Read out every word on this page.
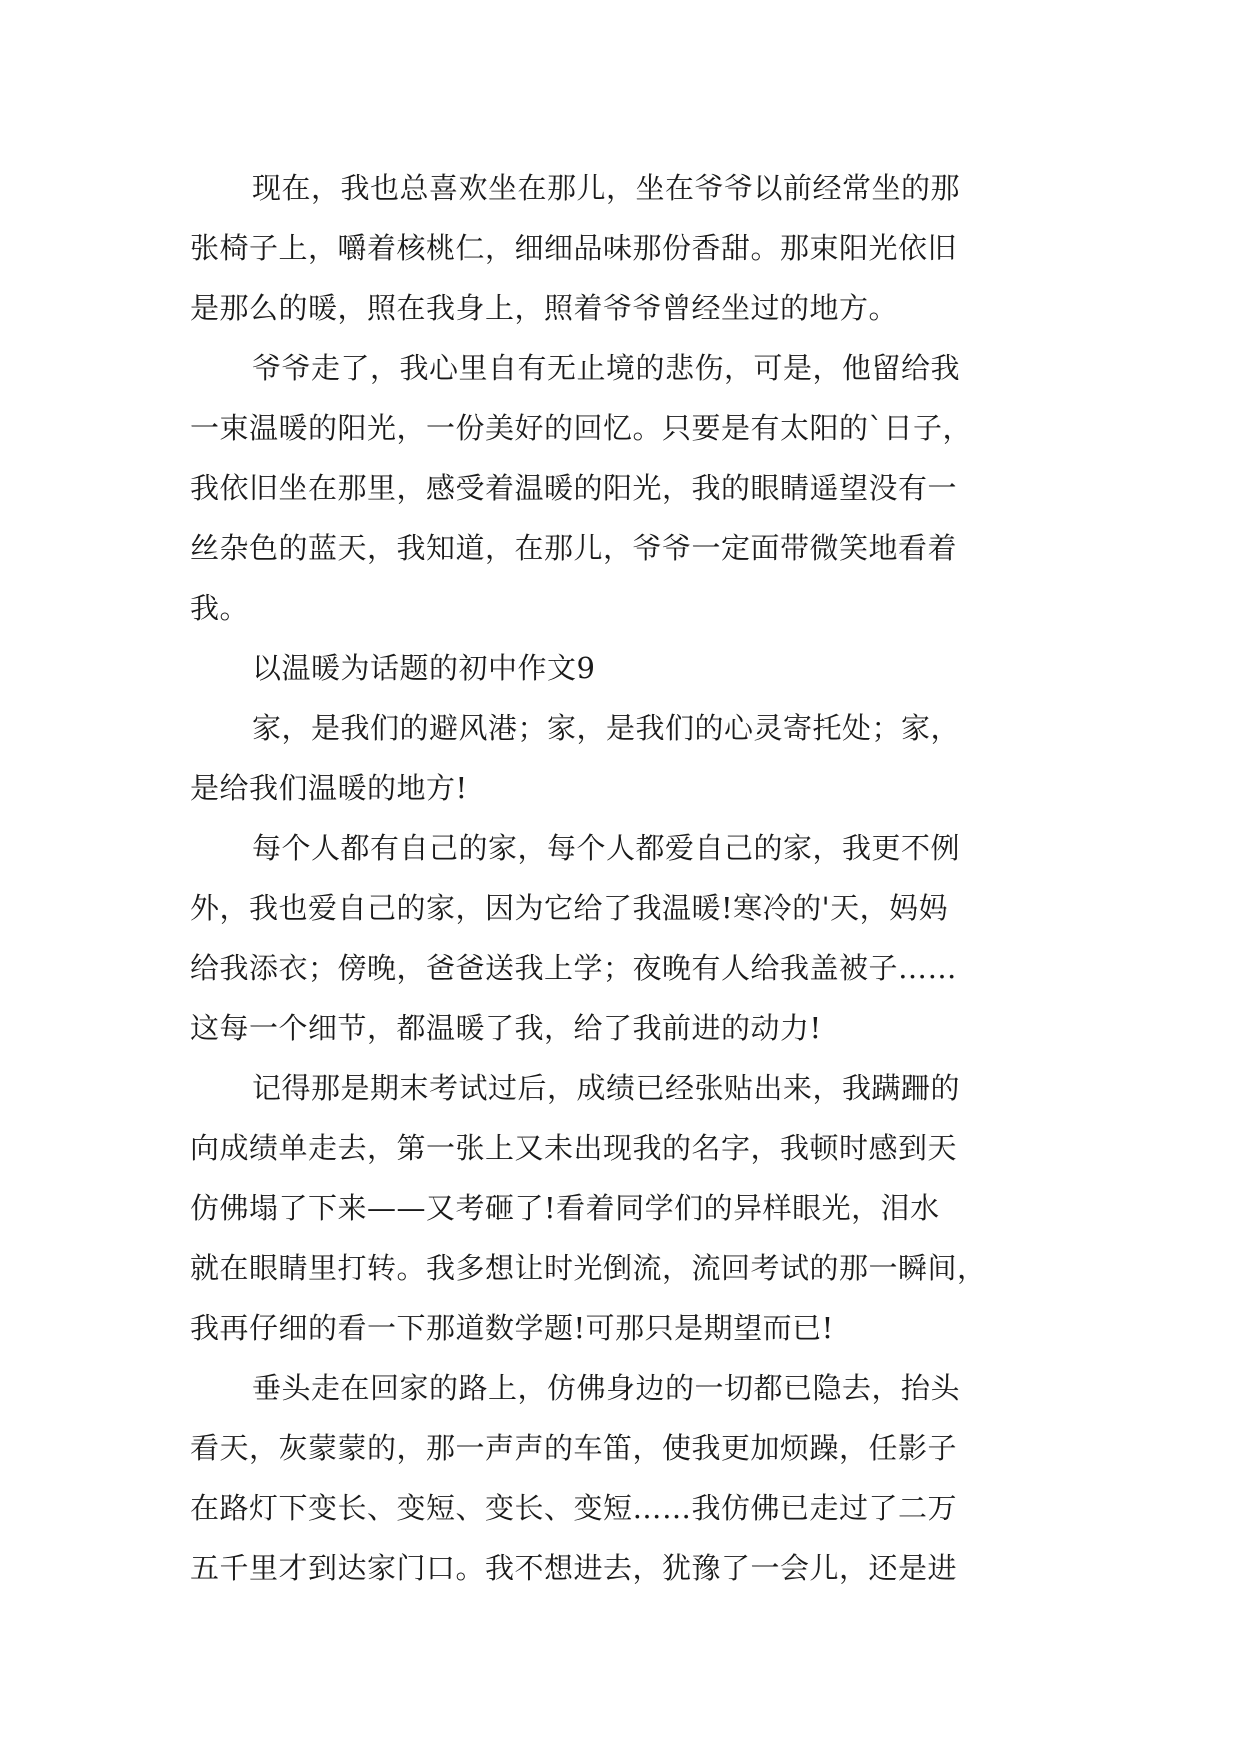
现在，我也总喜欢坐在那儿，坐在爷爷以前经常坐的那
张椅子上，嚼着核桃仁，细细品味那份香甜。那束阳光依旧
是那么的暖，照在我身上，照着爷爷曾经坐过的地方。

爷爷走了，我心里自有无止境的悲伤，可是，他留给我
一束温暖的阳光，一份美好的回忆。只要是有太阳的`日子，
我依旧坐在那里，感受着温暖的阳光，我的眼睛遥望没有一
丝杂色的蓝天，我知道，在那儿，爷爷一定面带微笑地看着
我。

以温暖为话题的初中作文9

家，是我们的避风港；家，是我们的心灵寄托处；家，
是给我们温暖的地方!

每个人都有自己的家，每个人都爱自己的家，我更不例
外，我也爱自己的家，因为它给了我温暖!寒冷的'天，妈妈
给我添衣；傍晚，爸爸送我上学；夜晚有人给我盖被子……
这每一个细节，都温暖了我，给了我前进的动力!

记得那是期末考试过后，成绩已经张贴出来，我蹒跚的
向成绩单走去，第一张上又未出现我的名字，我顿时感到天
仿佛塌了下来——又考砸了!看着同学们的异样眼光，泪水
就在眼睛里打转。我多想让时光倒流，流回考试的那一瞬间，
我再仔细的看一下那道数学题!可那只是期望而已!

垂头走在回家的路上，仿佛身边的一切都已隐去，抬头
看天，灰蒙蒙的，那一声声的车笛，使我更加烦躁，任影子
在路灯下变长、变短、变长、变短……我仿佛已走过了二万
五千里才到达家门口。我不想进去，犹豫了一会儿，还是进
